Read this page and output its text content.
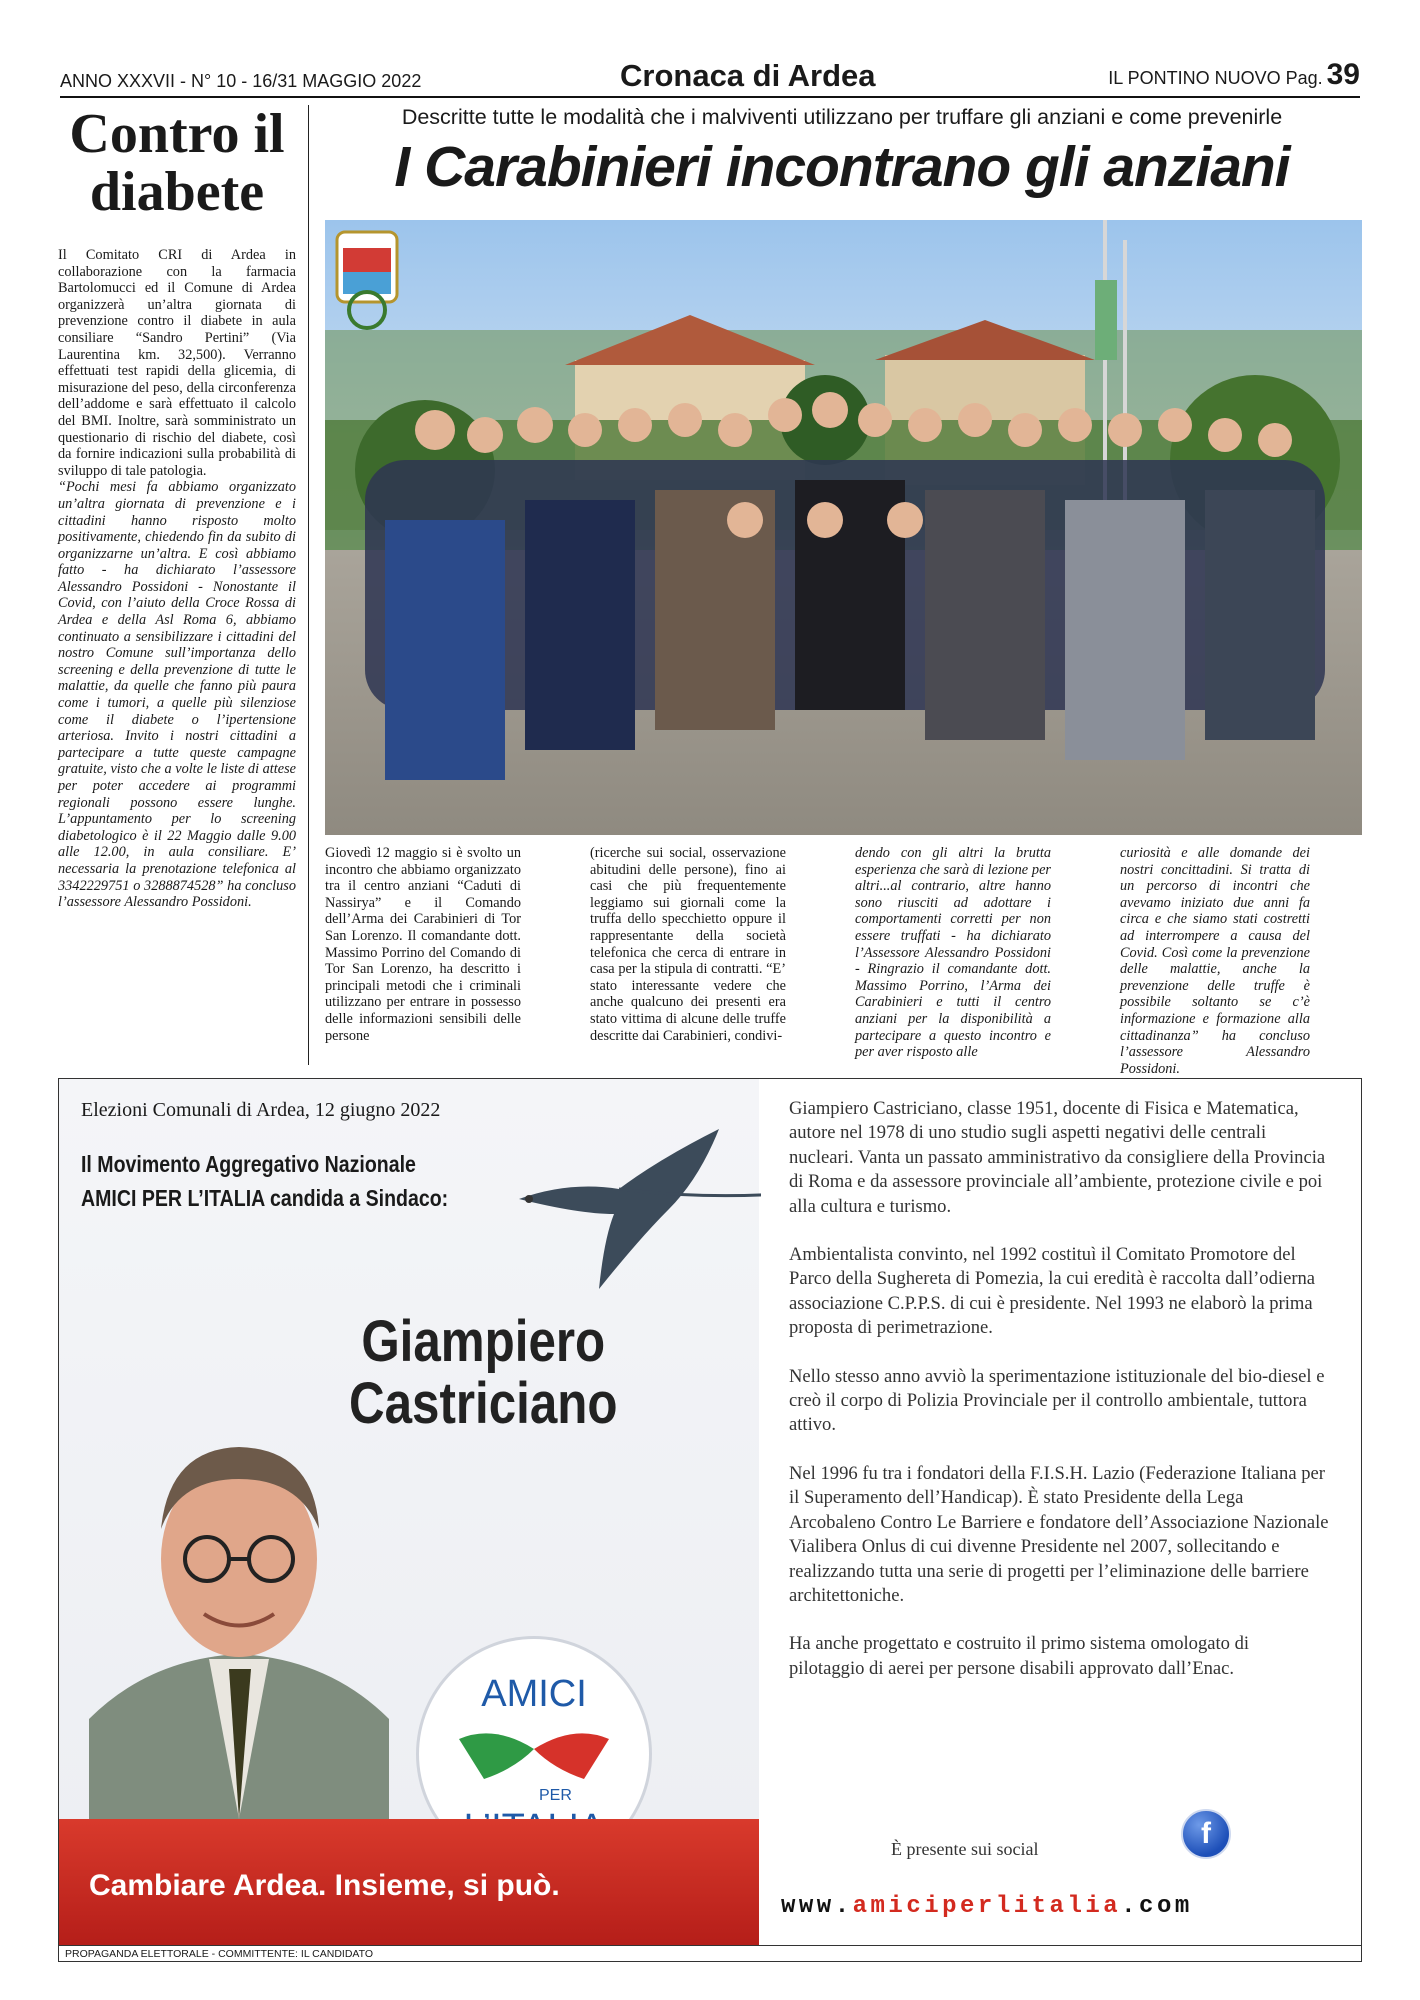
ANNO XXXVII - N° 10 - 16/31 MAGGIO 2022	Cronaca di Ardea	IL PONTINO NUOVO Pag. 39
Contro il diabete

Il Comitato CRI di Ardea in collaborazione con la farmacia Bartolomucci ed il Comune di Ardea organizzerà un’altra giornata di prevenzione contro il diabete in aula consiliare “Sandro Pertini” (Via Laurentina km. 32,500). Verranno effettuati test rapidi della glicemia, di misurazione del peso, della circonferenza dell’addome e sarà effettuato il calcolo del BMI. Inoltre, sarà somministrato un questionario di rischio del diabete, così da fornire indicazioni sulla probabilità di sviluppo di tale patologia.

“Pochi mesi fa abbiamo organizzato un’altra giornata di prevenzione e i cittadini hanno risposto molto positivamente, chiedendo fin da subito di organizzarne un’altra. E così abbiamo fatto - ha dichiarato l’assessore Alessandro Possidoni - Nonostante il Covid, con l’aiuto della Croce Rossa di Ardea e della Asl Roma 6, abbiamo continuato a sensibilizzare i cittadini del nostro Comune sull’importanza dello screening e della prevenzione di tutte le malattie, da quelle che fanno più paura come i tumori, a quelle più silenziose come il diabete o l’ipertensione arteriosa. Invito i nostri cittadini a partecipare a tutte queste campagne gratuite, visto che a volte le liste di attese per poter accedere ai programmi regionali possono essere lunghe. L’appuntamento per lo screening diabetologico è il 22 Maggio dalle 9.00 alle 12.00, in aula consiliare. E’ necessaria la prenotazione telefonica al 3342229751 o 3288874528” ha concluso l’assessore Alessandro Possidoni.

Descritte tutte le modalità che i malviventi utilizzano per truffare gli anziani e come prevenirle
I Carabinieri incontrano gli anziani

Giovedì 12 maggio si è svolto un incontro che abbiamo organizzato tra il centro anziani “Caduti di Nassirya” e il Comando dell’Arma dei Carabinieri di Tor San Lorenzo. Il comandante dott. Massimo Porrino del Comando di Tor San Lorenzo, ha descritto i principali metodi che i criminali utilizzano per entrare in possesso delle informazioni sensibili delle persone

(ricerche sui social, osservazione abitudini delle persone), fino ai casi che più frequentemente leggiamo sui giornali come la truffa dello specchietto oppure il rappresentante della società telefonica che cerca di entrare in casa per la stipula di contratti. “E’ stato interessante vedere che anche qualcuno dei presenti era stato vittima di alcune delle truffe descritte dai Carabinieri, condivi-

dendo con gli altri la brutta esperienza che sarà di lezione per altri...al contrario, altre hanno sono riusciti ad adottare i comportamenti corretti per non essere truffati - ha dichiarato l’Assessore Alessandro Possidoni - Ringrazio il comandante dott. Massimo Porrino, l’Arma dei Carabinieri e tutti il centro anziani per la disponibilità a partecipare a questo incontro e per aver risposto alle

curiosità e alle domande dei nostri concittadini. Si tratta di un percorso di incontri che avevamo iniziato due anni fa circa e che siamo stati costretti ad interrompere a causa del Covid. Così come la prevenzione delle malattie, anche la prevenzione delle truffe è possibile soltanto se c’è informazione e formazione alla cittadinanza” ha concluso l’assessore Alessandro Possidoni.

Elezioni Comunali di Ardea, 12 giugno 2022
Il Movimento Aggregativo Nazionale
AMICI PER L’ITALIA candida a Sindaco:
Giampiero
Castriciano
AMICI
PER
Cambiare Ardea. Insieme, si può.

Giampiero Castriciano, classe 1951, docente di Fisica e Matematica, autore nel 1978 di uno studio sugli aspetti negativi delle centrali nucleari. Vanta un passato amministrativo da consigliere della Provincia di Roma e da assessore provinciale all’ambiente, protezione civile e poi alla cultura e turismo.

Ambientalista convinto, nel 1992 costituì il Comitato Promotore del Parco della Sughereta di Pomezia, la cui eredità è raccolta dall’odierna associazione C.P.P.S. di cui è presidente. Nel 1993 ne elaborò la prima proposta di perimetrazione.

Nello stesso anno avviò la sperimentazione istituzionale del bio-diesel e creò il corpo di Polizia Provinciale per il controllo ambientale, tuttora attivo.

Nel 1996 fu tra i fondatori della F.I.S.H. Lazio (Federazione Italiana per il Superamento dell’Handicap). È stato Presidente della Lega Arcobaleno Contro Le Barriere e fondatore dell’Associazione Nazionale Vialibera Onlus di cui divenne Presidente nel 2007, sollecitando e realizzando tutta una serie di progetti per l’eliminazione delle barriere architettoniche.

Ha anche progettato e costruito il primo sistema omologato di pilotaggio di aerei per persone disabili approvato dall’Enac.

È presente sui social	f
www.amiciperlitalia.com
PROPAGANDA ELETTORALE - COMMITTENTE: IL CANDIDATO
